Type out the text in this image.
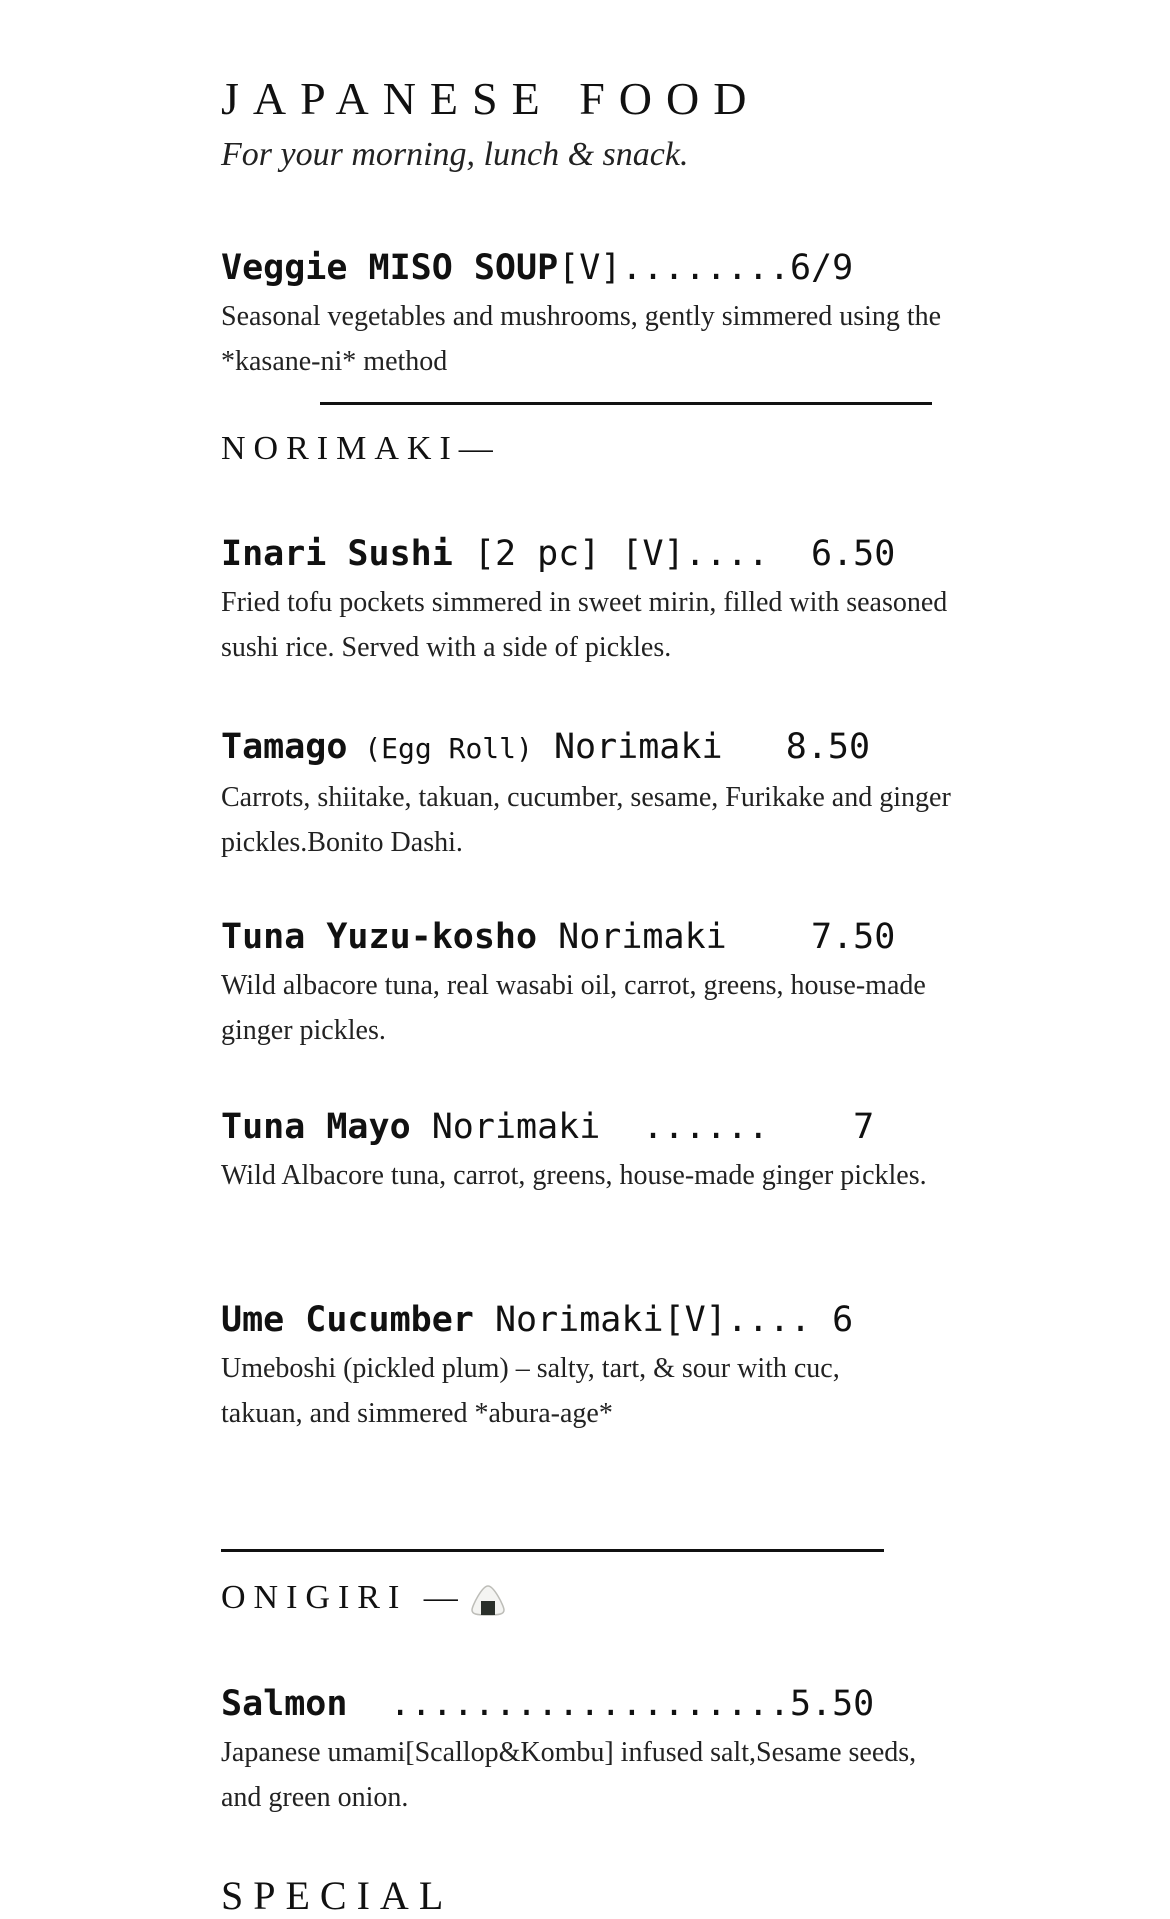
JAPANESE FOOD
For your morning, lunch & snack.
Veggie MISO SOUP[V]........6/9
Seasonal vegetables and mushrooms, gently simmered using the *kasane-ni* method
NORIMAKI—
Inari Sushi [2 pc] [V]....  6.50
Fried tofu pockets simmered in sweet mirin, filled with seasoned sushi rice. Served with a side of pickles.
Tamago (Egg Roll) Norimaki   8.50
Carrots, shiitake, takuan, cucumber, sesame, Furikake and ginger pickles.Bonito Dashi.
Tuna Yuzu-kosho Norimaki    7.50
Wild albacore tuna, real wasabi oil, carrot, greens, house-made ginger pickles.
Tuna Mayo Norimaki  ......    7
Wild Albacore tuna, carrot, greens, house-made ginger pickles.
Ume Cucumber Norimaki[V].... 6
Umeboshi (pickled plum) – salty, tart, & sour with cuc, takuan, and simmered *abura-age*
ONIGIRI —
Salmon  ...................5.50
Japanese umami[Scallop&Kombu] infused salt,Sesame seeds, and green onion.
SPECIAL
